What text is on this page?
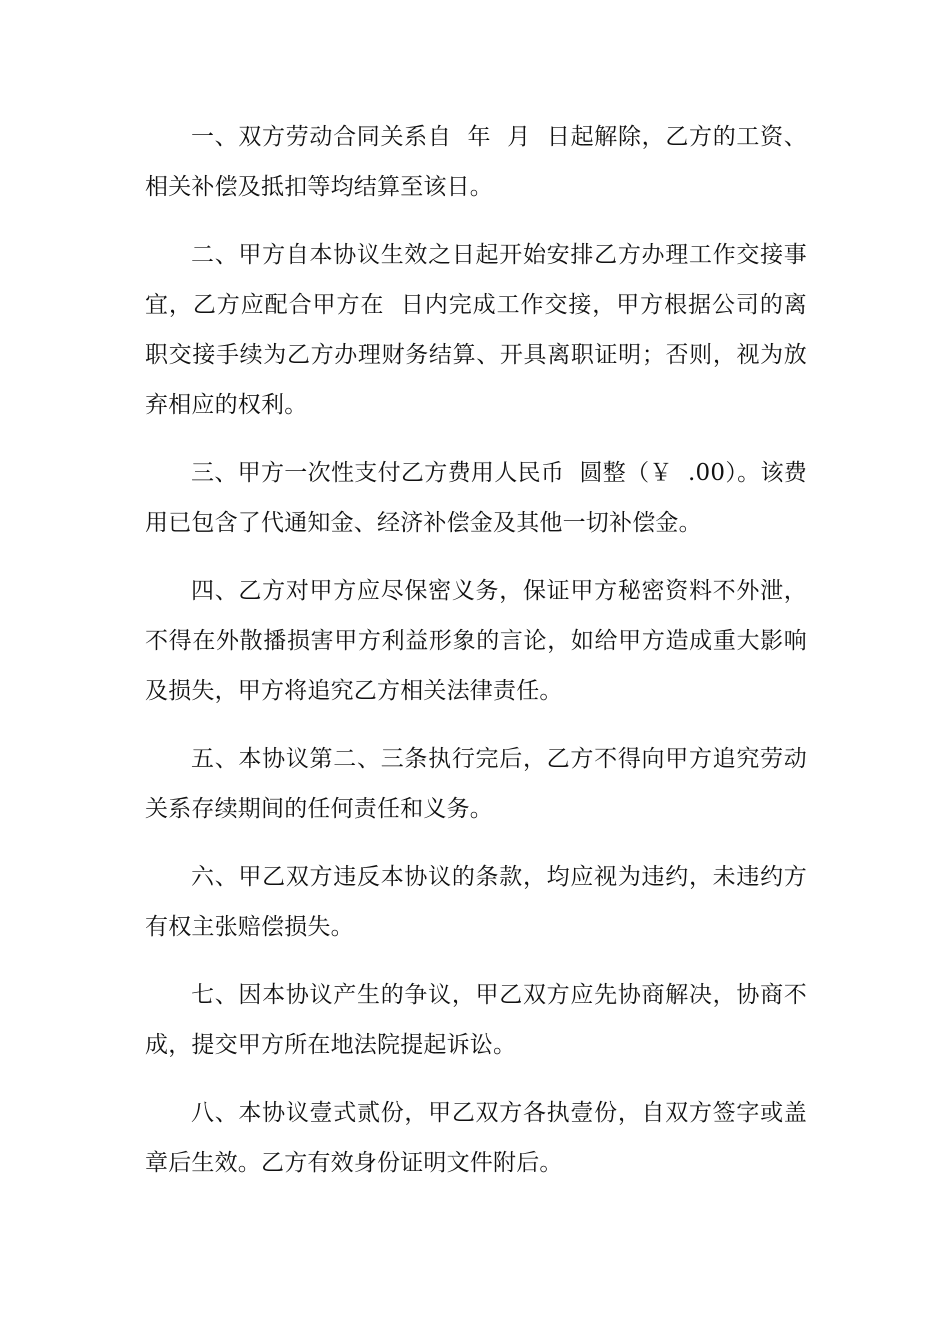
一、双方劳动合同关系自  年  月  日起解除，乙方的工资、相关补偿及抵扣等均结算至该日。

二、甲方自本协议生效之日起开始安排乙方办理工作交接事宜，乙方应配合甲方在  日内完成工作交接，甲方根据公司的离职交接手续为乙方办理财务结算、开具离职证明；否则，视为放弃相应的权利。

三、甲方一次性支付乙方费用人民币  圆整（￥  .00）。该费用已包含了代通知金、经济补偿金及其他一切补偿金。

四、乙方对甲方应尽保密义务，保证甲方秘密资料不外泄，不得在外散播损害甲方利益形象的言论，如给甲方造成重大影响及损失，甲方将追究乙方相关法律责任。

五、本协议第二、三条执行完后，乙方不得向甲方追究劳动关系存续期间的任何责任和义务。

六、甲乙双方违反本协议的条款，均应视为违约，未违约方有权主张赔偿损失。

七、因本协议产生的争议，甲乙双方应先协商解决，协商不成，提交甲方所在地法院提起诉讼。

八、本协议壹式贰份，甲乙双方各执壹份，自双方签字或盖章后生效。乙方有效身份证明文件附后。
